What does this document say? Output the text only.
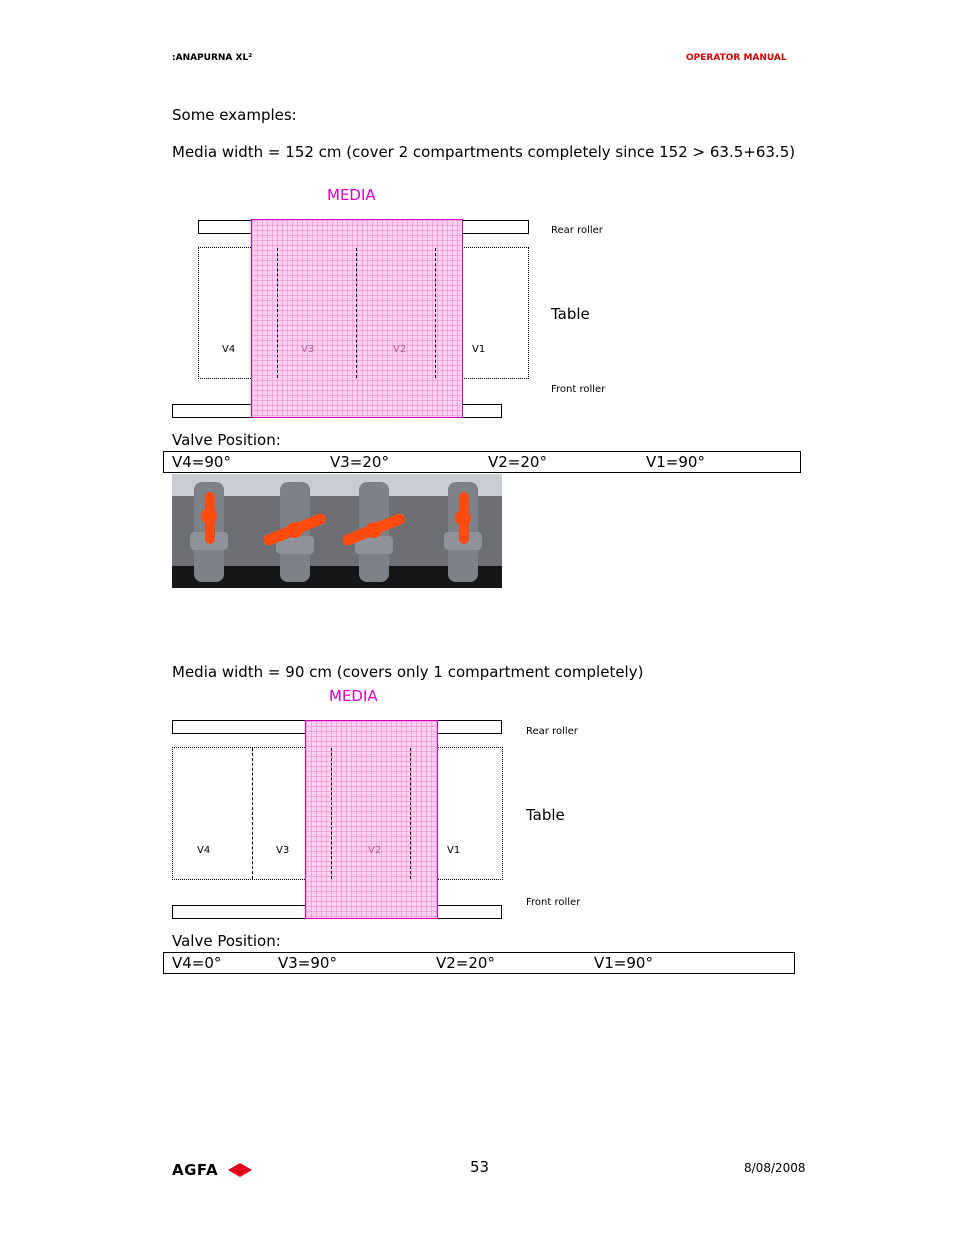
:ANAPURNA XL²	OPERATOR MANUAL
Some examples:
Media width = 152 cm (cover 2 compartments completely since 152 > 63.5+63.5)
MEDIA
V4	V3	V2	V1
Rear roller
Table
Front roller
Valve Position:
V4=90°	V3=20°	V2=20°	V1=90°
Media width = 90 cm (covers only 1 compartment completely)
MEDIA
V4	V3	V2	V1
Rear roller
Table
Front roller
Valve Position:
V4=0°	V3=90°	V2=20°	V1=90°
AGFA	53	8/08/2008
